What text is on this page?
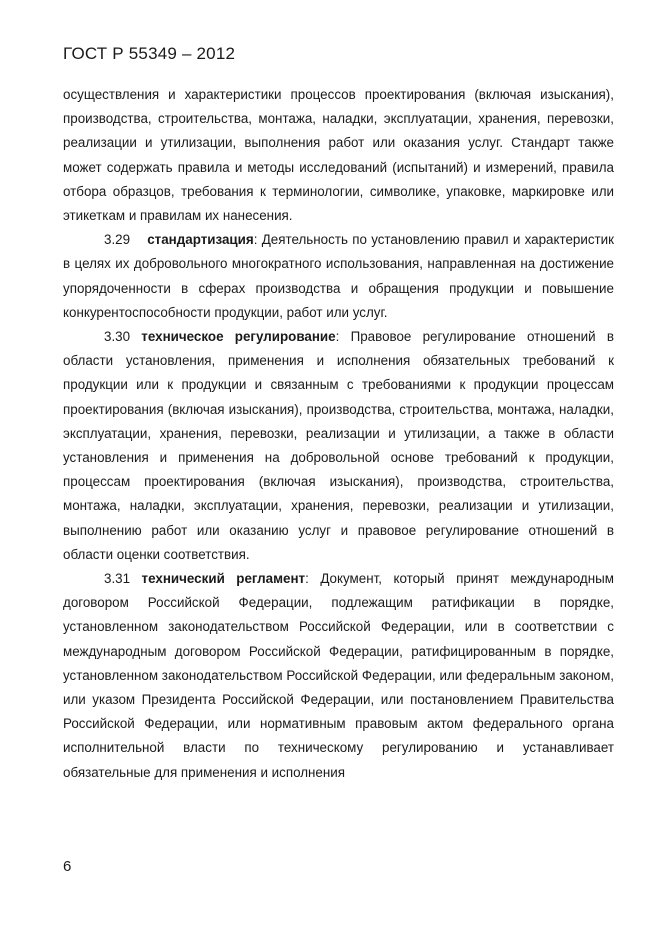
ГОСТ Р 55349 – 2012

осуществления и характеристики процессов проектирования (включая изыскания), производства, строительства, монтажа, наладки, эксплуатации, хранения, перевозки, реализации и утилизации, выполнения работ или оказания услуг. Стандарт также может содержать правила и методы исследований (испытаний) и измерений, правила отбора образцов, требования к терминологии, символике, упаковке, маркировке или этикеткам и правилам их нанесения.

3.29 стандартизация: Деятельность по установлению правил и характеристик в целях их добровольного многократного использования, направленная на достижение упорядоченности в сферах производства и обращения продукции и повышение конкурентоспособности продукции, работ или услуг.

3.30 техническое регулирование: Правовое регулирование отношений в области установления, применения и исполнения обязательных требований к продукции или к продукции и связанным с требованиями к продукции процессам проектирования (включая изыскания), производства, строительства, монтажа, наладки, эксплуатации, хранения, перевозки, реализации и утилизации, а также в области установления и применения на добровольной основе требований к продукции, процессам проектирования (включая изыскания), производства, строительства, монтажа, наладки, эксплуатации, хранения, перевозки, реализации и утилизации, выполнению работ или оказанию услуг и правовое регулирование отношений в области оценки соответствия.

3.31 технический регламент: Документ, который принят международным договором Российской Федерации, подлежащим ратификации в порядке, установленном законодательством Российской Федерации, или в соответствии с международным договором Российской Федерации, ратифицированным в порядке, установленном законодательством Российской Федерации, или федеральным законом, или указом Президента Российской Федерации, или постановлением Правительства Российской Федерации, или нормативным правовым актом федерального органа исполнительной власти по техническому регулированию и устанавливает обязательные для применения и исполнения

6
